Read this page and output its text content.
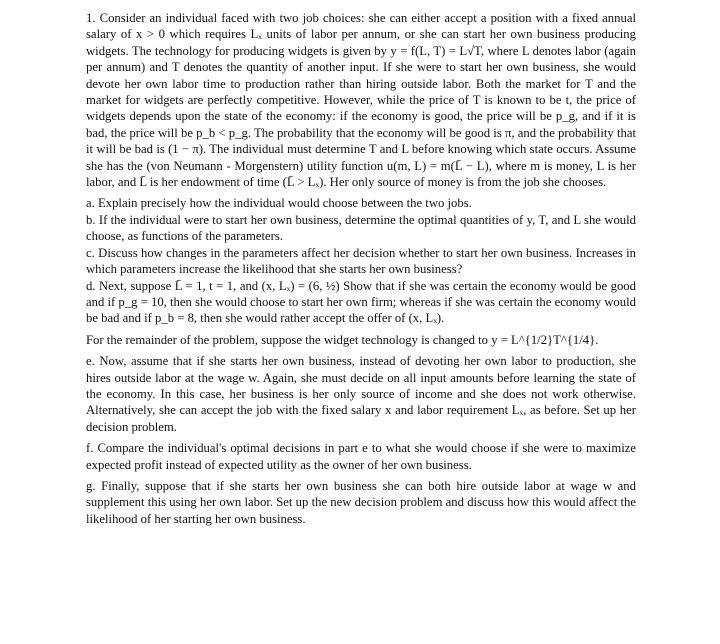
1. Consider an individual faced with two job choices: she can either accept a position with a fixed annual salary of x > 0 which requires Lₓ units of labor per annum, or she can start her own business producing widgets. The technology for producing widgets is given by y = f(L, T) = L√T, where L denotes labor (again per annum) and T denotes the quantity of another input. If she were to start her own business, she would devote her own labor time to production rather than hiring outside labor. Both the market for T and the market for widgets are perfectly competitive. However, while the price of T is known to be t, the price of widgets depends upon the state of the economy: if the economy is good, the price will be p_g, and if it is bad, the price will be p_b < p_g. The probability that the economy will be good is π, and the probability that it will be bad is (1 − π). The individual must determine T and L before knowing which state occurs. Assume she has the (von Neumann - Morgenstern) utility function u(m, L) = m(L̄ − L), where m is money, L is her labor, and L̄ is her endowment of time (L̄ > Lₓ). Her only source of money is from the job she chooses.

a. Explain precisely how the individual would choose between the two jobs.

b. If the individual were to start her own business, determine the optimal quantities of y, T, and L she would choose, as functions of the parameters.

c. Discuss how changes in the parameters affect her decision whether to start her own business. Increases in which parameters increase the likelihood that she starts her own business?

d. Next, suppose L̄ = 1, t = 1, and (x, Lₓ) = (6, ½) Show that if she was certain the economy would be good and if p_g = 10, then she would choose to start her own firm; whereas if she was certain the economy would be bad and if p_b = 8, then she would rather accept the offer of (x, Lₓ).

For the remainder of the problem, suppose the widget technology is changed to y = L^{1/2}T^{1/4}.

e. Now, assume that if she starts her own business, instead of devoting her own labor to production, she hires outside labor at the wage w. Again, she must decide on all input amounts before learning the state of the economy. In this case, her business is her only source of income and she does not work otherwise. Alternatively, she can accept the job with the fixed salary x and labor requirement Lₓ, as before. Set up her decision problem.

f. Compare the individual's optimal decisions in part e to what she would choose if she were to maximize expected profit instead of expected utility as the owner of her own business.

g. Finally, suppose that if she starts her own business she can both hire outside labor at wage w and supplement this using her own labor. Set up the new decision problem and discuss how this would affect the likelihood of her starting her own business.
